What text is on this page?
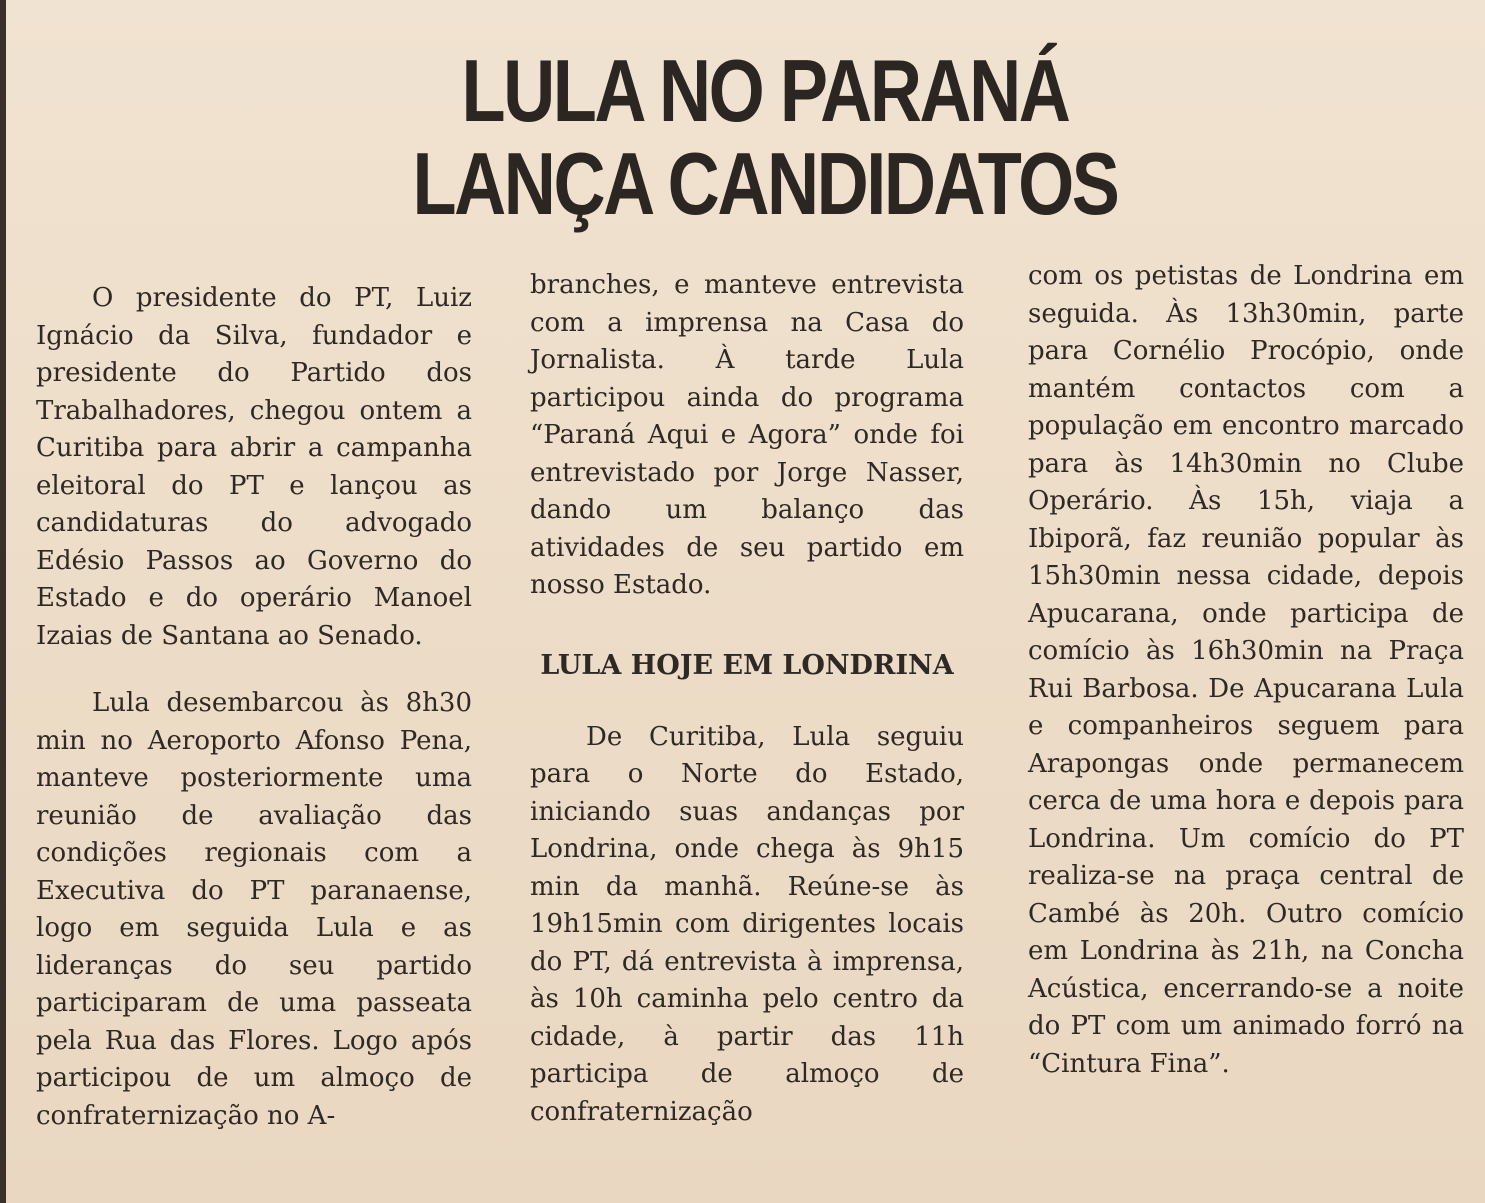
LULA NO PARANÁ
LANÇA CANDIDATOS

O presidente do PT, Luiz Ignácio da Silva, fundador e presidente do Partido dos Trabalhadores, chegou ontem a Curitiba para abrir a campanha eleitoral do PT e lançou as candidaturas do advogado Edésio Passos ao Governo do Estado e do operário Manoel Izaias de Santana ao Senado.

Lula desembarcou às 8h30 min no Aeroporto Afonso Pena, manteve posteriormente uma reunião de avaliação das condições regionais com a Executiva do PT paranaense, logo em seguida Lula e as lideranças do seu partido participaram de uma passeata pela Rua das Flores. Logo após participou de um almoço de confraternização no A-

branches, e manteve entrevista com a imprensa na Casa do Jornalista. À tarde Lula participou ainda do programa “Paraná Aqui e Agora” onde foi entrevistado por Jorge Nasser, dando um balanço das atividades de seu partido em nosso Estado.

LULA HOJE EM LONDRINA

De Curitiba, Lula seguiu para o Norte do Estado, iniciando suas andanças por Londrina, onde chega às 9h15 min da manhã. Reúne-se às 19h15min com dirigentes locais do PT, dá entrevista à imprensa, às 10h caminha pelo centro da cidade, à partir das 11h participa de almoço de confraternização

com os petistas de Londrina em seguida. Às 13h30min, parte para Cornélio Procópio, onde mantém contactos com a população em encontro marcado para às 14h30min no Clube Operário. Às 15h, viaja a Ibiporã, faz reunião popular às 15h30min nessa cidade, depois Apucarana, onde participa de comício às 16h30min na Praça Rui Barbosa. De Apucarana Lula e companheiros seguem para Arapongas onde permanecem cerca de uma hora e depois para Londrina. Um comício do PT realiza-se na praça central de Cambé às 20h. Outro comício em Londrina às 21h, na Concha Acústica, encerrando-se a noite do PT com um animado forró na “Cintura Fina”.
